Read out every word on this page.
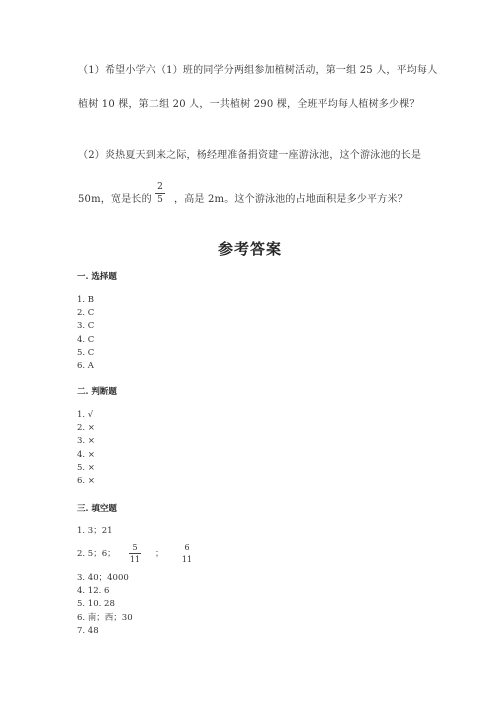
（1）希望小学六（1）班的同学分两组参加植树活动，第一组 25 人，平均每人
植树 10 棵，第二组 20 人，一共植树 290 棵，全班平均每人植树多少棵？
（2）炎热夏天到来之际，杨经理准备捐资建一座游泳池，这个游泳池的长是
50m，宽是长的
2
5	，高是 2m。这个游泳池的占地面积是多少平方米？
参考答案
一. 选择题
1. B
2. C
3. C
4. C
5. C
6. A
二. 判断题
1. √
2. ×
3. ×
4. ×
5. ×
6. ×
三. 填空题
1. 3；21
2. 5；6；
5
11
；
6
11
3. 40；4000
4. 12. 6
5. 10. 28
6. 南；西；30
7. 48
